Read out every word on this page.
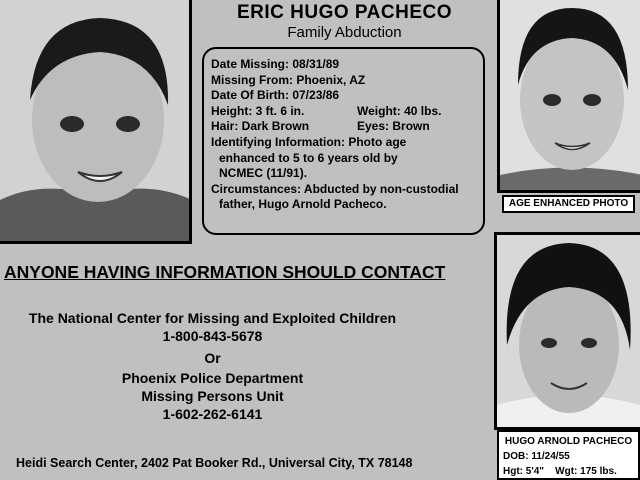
ERIC HUGO PACHECO
Family Abduction
Date Missing: 08/31/89
Missing From: Phoenix, AZ
Date Of Birth: 07/23/86
Height: 3 ft. 6 in.	Weight: 40 lbs.
Hair: Dark Brown	Eyes: Brown
Identifying Information: Photo age
enhanced to 5 to 6 years old by
NCMEC (11/91).
Circumstances: Abducted by non-custodial
father, Hugo Arnold Pacheco.	AGE ENHANCED PHOTO
ANYONE HAVING INFORMATION SHOULD CONTACT
The National Center for Missing and Exploited Children
1-800-843-5678
Or
Phoenix Police Department
Missing Persons Unit
1-602-262-6141
Heidi Search Center, 2402 Pat Booker Rd., Universal City, TX 78148
HUGO ARNOLD PACHECO
DOB: 11/24/55
Hgt: 5'4" Wgt: 175 lbs.
